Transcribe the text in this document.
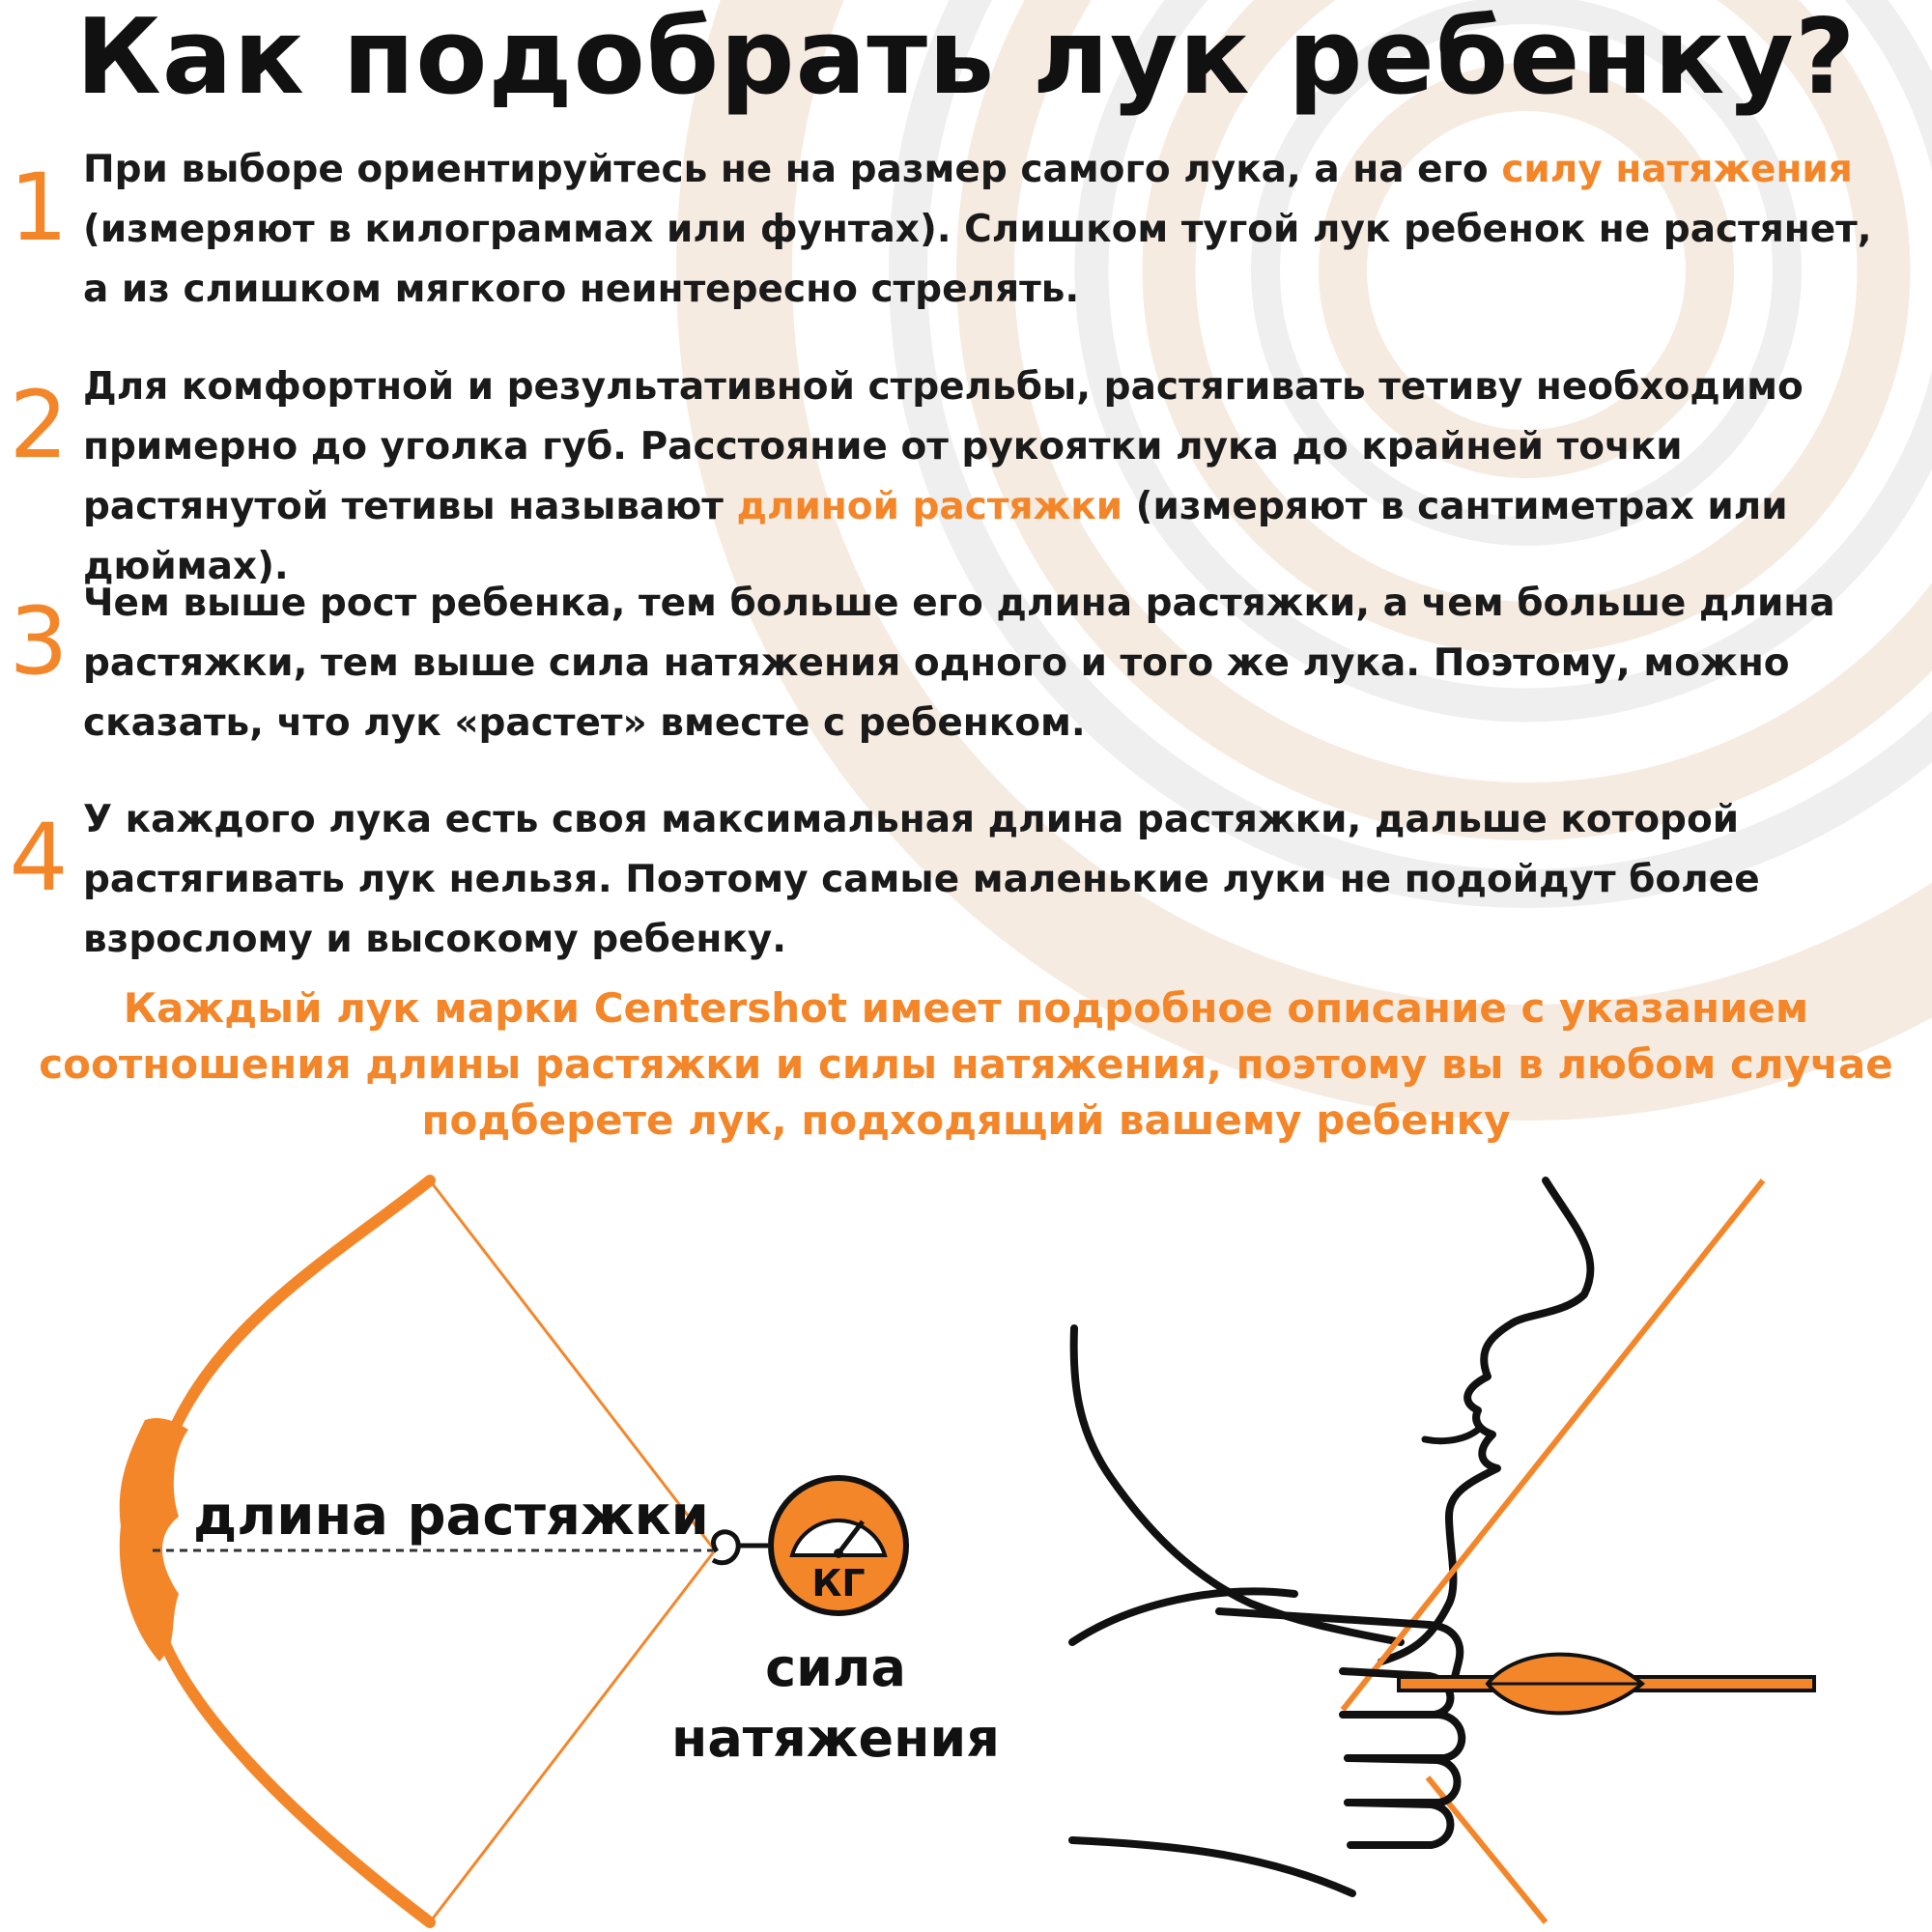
Как подобрать лук ребенку?
1 При выборе ориентируйтесь не на размер самого лука, а на его силу натяжения (измеряют в килограммах или фунтах). Слишком тугой лук ребенок не растянет, а из слишком мягкого неинтересно стрелять.

2 Для комфортной и результативной стрельбы, растягивать тетиву необходимо примерно до уголка губ. Расстояние от рукоятки лука до крайней точки растянутой тетивы называют длиной растяжки (измеряют в сантиметрах или дюймах).

3 Чем выше рост ребенка, тем больше его длина растяжки, а чем больше длина растяжки, тем выше сила натяжения одного и того же лука. Поэтому, можно сказать, что лук «растет» вместе с ребенком.

4 У каждого лука есть своя максимальная длина растяжки, дальше которой растягивать лук нельзя. Поэтому самые маленькие луки не подойдут более взрослому и высокому ребенку.

Каждый лук марки Centershot имеет подробное описание с указанием соотношения длины растяжки и силы натяжения, поэтому вы в любом случае подберете лук, подходящий вашему ребенку

длина растяжки
КГ
сила
натяжения
